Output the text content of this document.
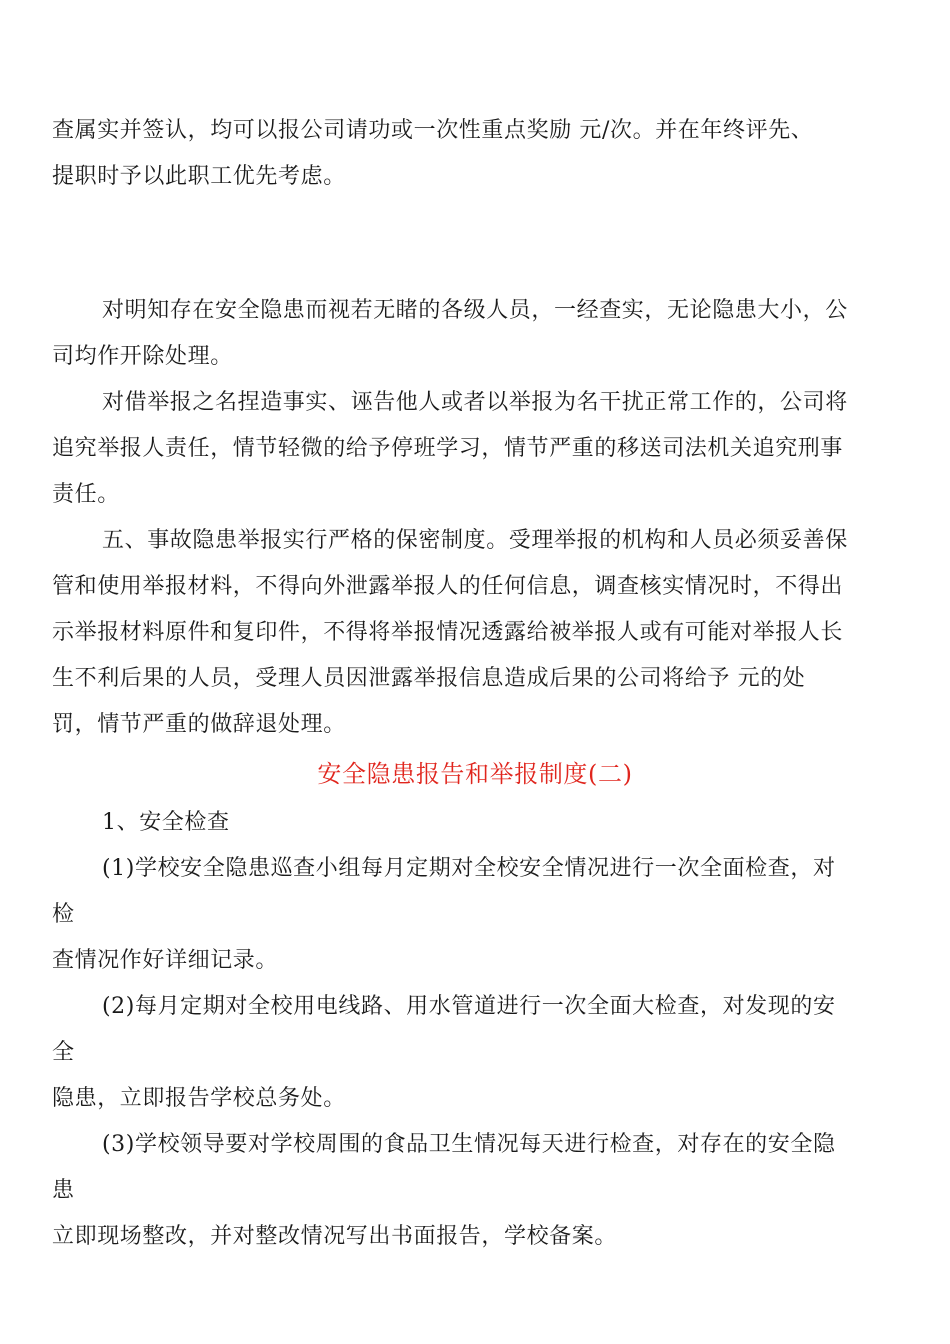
查属实并签认，均可以报公司请功或一次性重点奖励 元/次。并在年终评先、
提职时予以此职工优先考虑。
对明知存在安全隐患而视若无睹的各级人员，一经查实，无论隐患大小，公
司均作开除处理。
对借举报之名捏造事实、诬告他人或者以举报为名干扰正常工作的，公司将
追究举报人责任，情节轻微的给予停班学习，情节严重的移送司法机关追究刑事
责任。
五、事故隐患举报实行严格的保密制度。受理举报的机构和人员必须妥善保
管和使用举报材料，不得向外泄露举报人的任何信息，调查核实情况时，不得出
示举报材料原件和复印件，不得将举报情况透露给被举报人或有可能对举报人长
生不利后果的人员，受理人员因泄露举报信息造成后果的公司将给予 元的处
罚，情节严重的做辞退处理。
安全隐患报告和举报制度(二)
1、安全检查
(1)学校安全隐患巡查小组每月定期对全校安全情况进行一次全面检查，对
检
查情况作好详细记录。
(2)每月定期对全校用电线路、用水管道进行一次全面大检查，对发现的安
全
隐患，立即报告学校总务处。
(3)学校领导要对学校周围的食品卫生情况每天进行检查，对存在的安全隐
患
立即现场整改，并对整改情况写出书面报告，学校备案。
